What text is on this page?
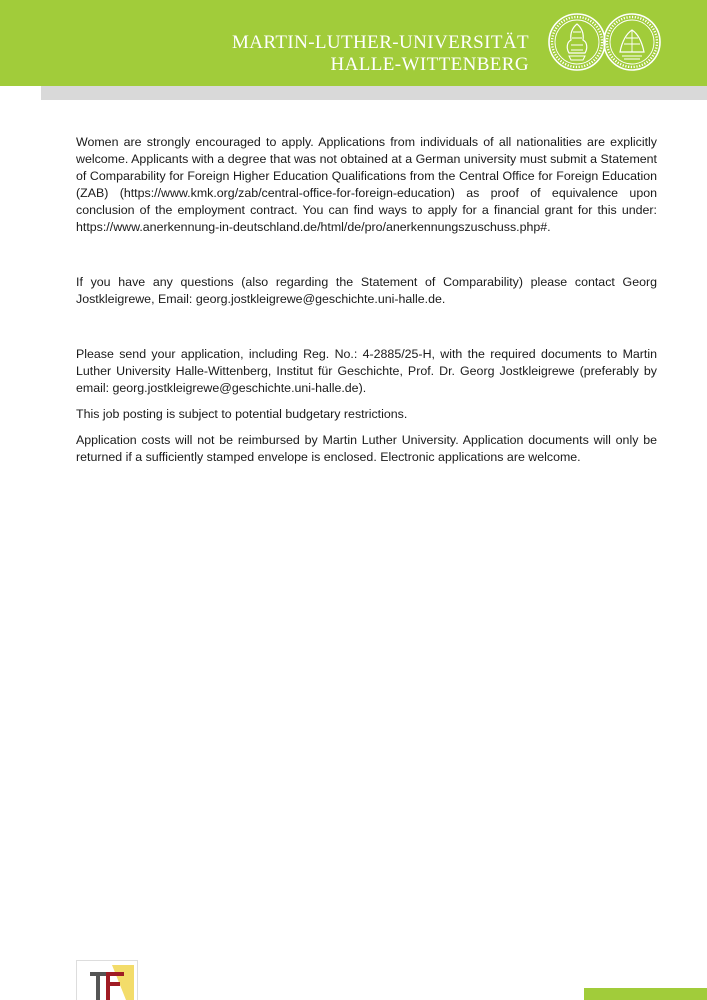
MARTIN-LUTHER-UNIVERSITÄT
HALLE-WITTENBERG

Women are strongly encouraged to apply. Applications from individuals of all nationalities are explicitly welcome. Applicants with a degree that was not obtained at a German university must submit a Statement of Comparability for Foreign Higher Education Qualifications from the Central Office for Foreign Education (ZAB) (https://www.kmk.org/zab/central-office-for-foreign-education) as proof of equivalence upon conclusion of the employment contract. You can find ways to apply for a financial grant for this under: https://www.anerkennung-in-deutschland.de/html/de/pro/anerkennungszuschuss.php#.

If you have any questions (also regarding the Statement of Comparability) please contact Georg Jostkleigrewe, Email: georg.jostkleigrewe@geschichte.uni-halle.de.

Please send your application, including Reg. No.: 4-2885/25-H, with the required documents to Martin Luther University Halle-Wittenberg, Institut für Geschichte, Prof. Dr. Georg Jostkleigrewe (preferably by email: georg.jostkleigrewe@geschichte.uni-halle.de).

This job posting is subject to potential budgetary restrictions.

Application costs will not be reimbursed by Martin Luther University. Application documents will only be returned if a sufficiently stamped envelope is enclosed. Electronic applications are welcome.
